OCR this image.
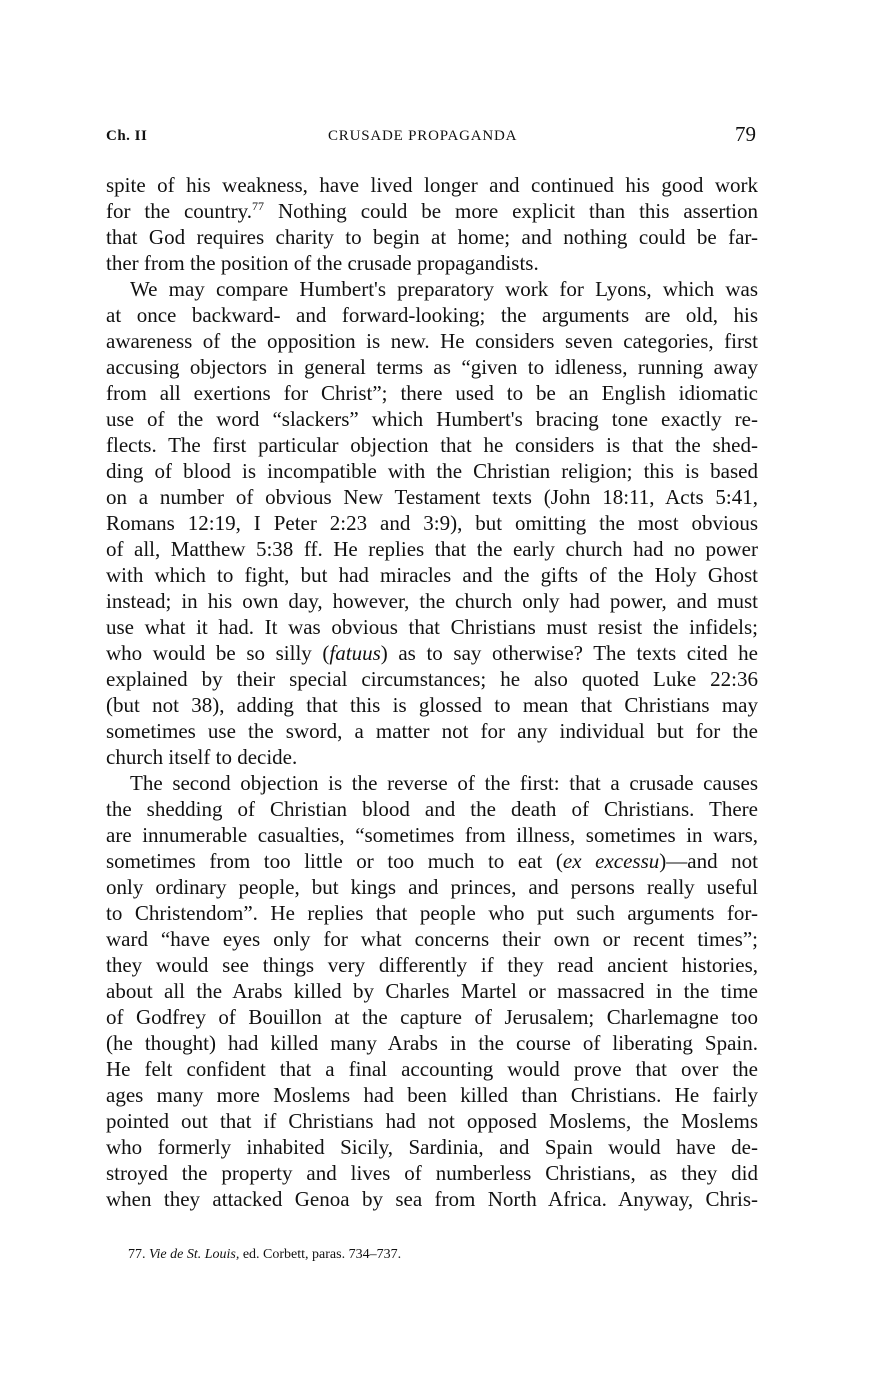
Ch. II	CRUSADE PROPAGANDA	79
spite of his weakness, have lived longer and continued his good work
for the country.$^{77}$ Nothing could be more explicit than this assertion
that God requires charity to begin at home; and nothing could be far-
ther from the position of the crusade propagandists.
We may compare Humbert's preparatory work for Lyons, which was
at once backward- and forward-looking; the arguments are old, his
awareness of the opposition is new. He considers seven categories, first
accusing objectors in general terms as “given to idleness, running away
from all exertions for Christ”; there used to be an English idiomatic
use of the word “slackers” which Humbert's bracing tone exactly re-
flects. The first particular objection that he considers is that the shed-
ding of blood is incompatible with the Christian religion; this is based
on a number of obvious New Testament texts (John 18:11, Acts 5:41,
Romans 12:19, I Peter 2:23 and 3:9), but omitting the most obvious
of all, Matthew 5:38 ff. He replies that the early church had no power
with which to fight, but had miracles and the gifts of the Holy Ghost
instead; in his own day, however, the church only had power, and must
use what it had. It was obvious that Christians must resist the infidels;
who would be so silly (fatuus) as to say otherwise? The texts cited he
explained by their special circumstances; he also quoted Luke 22:36
(but not 38), adding that this is glossed to mean that Christians may
sometimes use the sword, a matter not for any individual but for the
church itself to decide.
The second objection is the reverse of the first: that a crusade causes
the shedding of Christian blood and the death of Christians. There
are innumerable casualties, “sometimes from illness, sometimes in wars,
sometimes from too little or too much to eat (ex excessu)—and not
only ordinary people, but kings and princes, and persons really useful
to Christendom”. He replies that people who put such arguments for-
ward “have eyes only for what concerns their own or recent times”;
they would see things very differently if they read ancient histories,
about all the Arabs killed by Charles Martel or massacred in the time
of Godfrey of Bouillon at the capture of Jerusalem; Charlemagne too
(he thought) had killed many Arabs in the course of liberating Spain.
He felt confident that a final accounting would prove that over the
ages many more Moslems had been killed than Christians. He fairly
pointed out that if Christians had not opposed Moslems, the Moslems
who formerly inhabited Sicily, Sardinia, and Spain would have de-
stroyed the property and lives of numberless Christians, as they did
when they attacked Genoa by sea from North Africa. Anyway, Chris-
77. Vie de St. Louis, ed. Corbett, paras. 734–737.
